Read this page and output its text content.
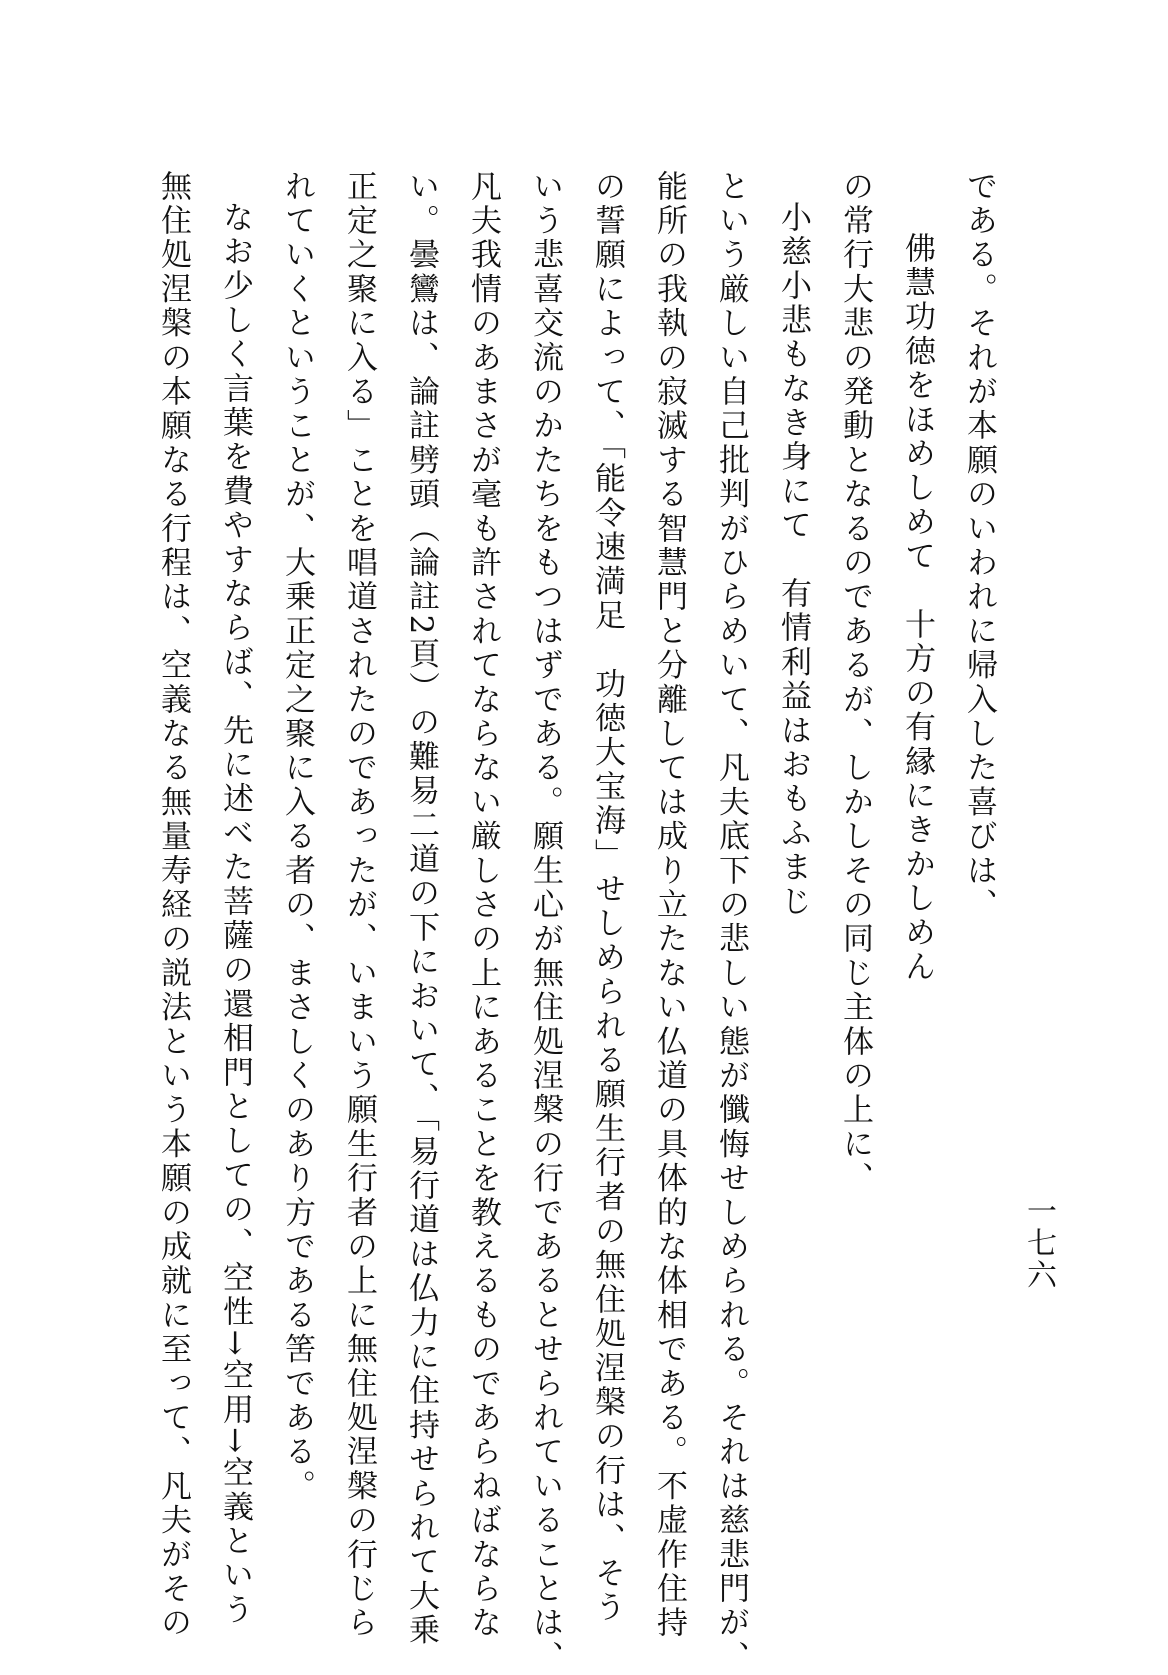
一七六
である。それが本願のいわれに帰入した喜びは、
佛慧功徳をほめしめて　十方の有縁にきかしめん
の常行大悲の発動となるのであるが、しかしその同じ主体の上に、
小慈小悲もなき身にて　有情利益はおもふまじ
という厳しい自己批判がひらめいて、凡夫底下の悲しい態が懺悔せしめられる。それは慈悲門が、
能所の我執の寂滅する智慧門と分離しては成り立たない仏道の具体的な体相である。不虚作住持
の誓願によって、「能令速満足　功徳大宝海」せしめられる願生行者の無住処涅槃の行は、そう
いう悲喜交流のかたちをもつはずである。願生心が無住処涅槃の行であるとせられていることは、
凡夫我情のあまさが毫も許されてならない厳しさの上にあることを教えるものであらねばならな
い。曇鸞は、論註劈頭（論註2頁）の難易二道の下において、「易行道は仏力に住持せられて大乗
正定之聚に入る」ことを唱道されたのであったが、いまいう願生行者の上に無住処涅槃の行じら
れていくということが、大乗正定之聚に入る者の、まさしくのあり方である筈である。
なお少しく言葉を費やすならば、先に述べた菩薩の還相門としての、空性→空用→空義という
無住処涅槃の本願なる行程は、空義なる無量寿経の説法という本願の成就に至って、凡夫がその
